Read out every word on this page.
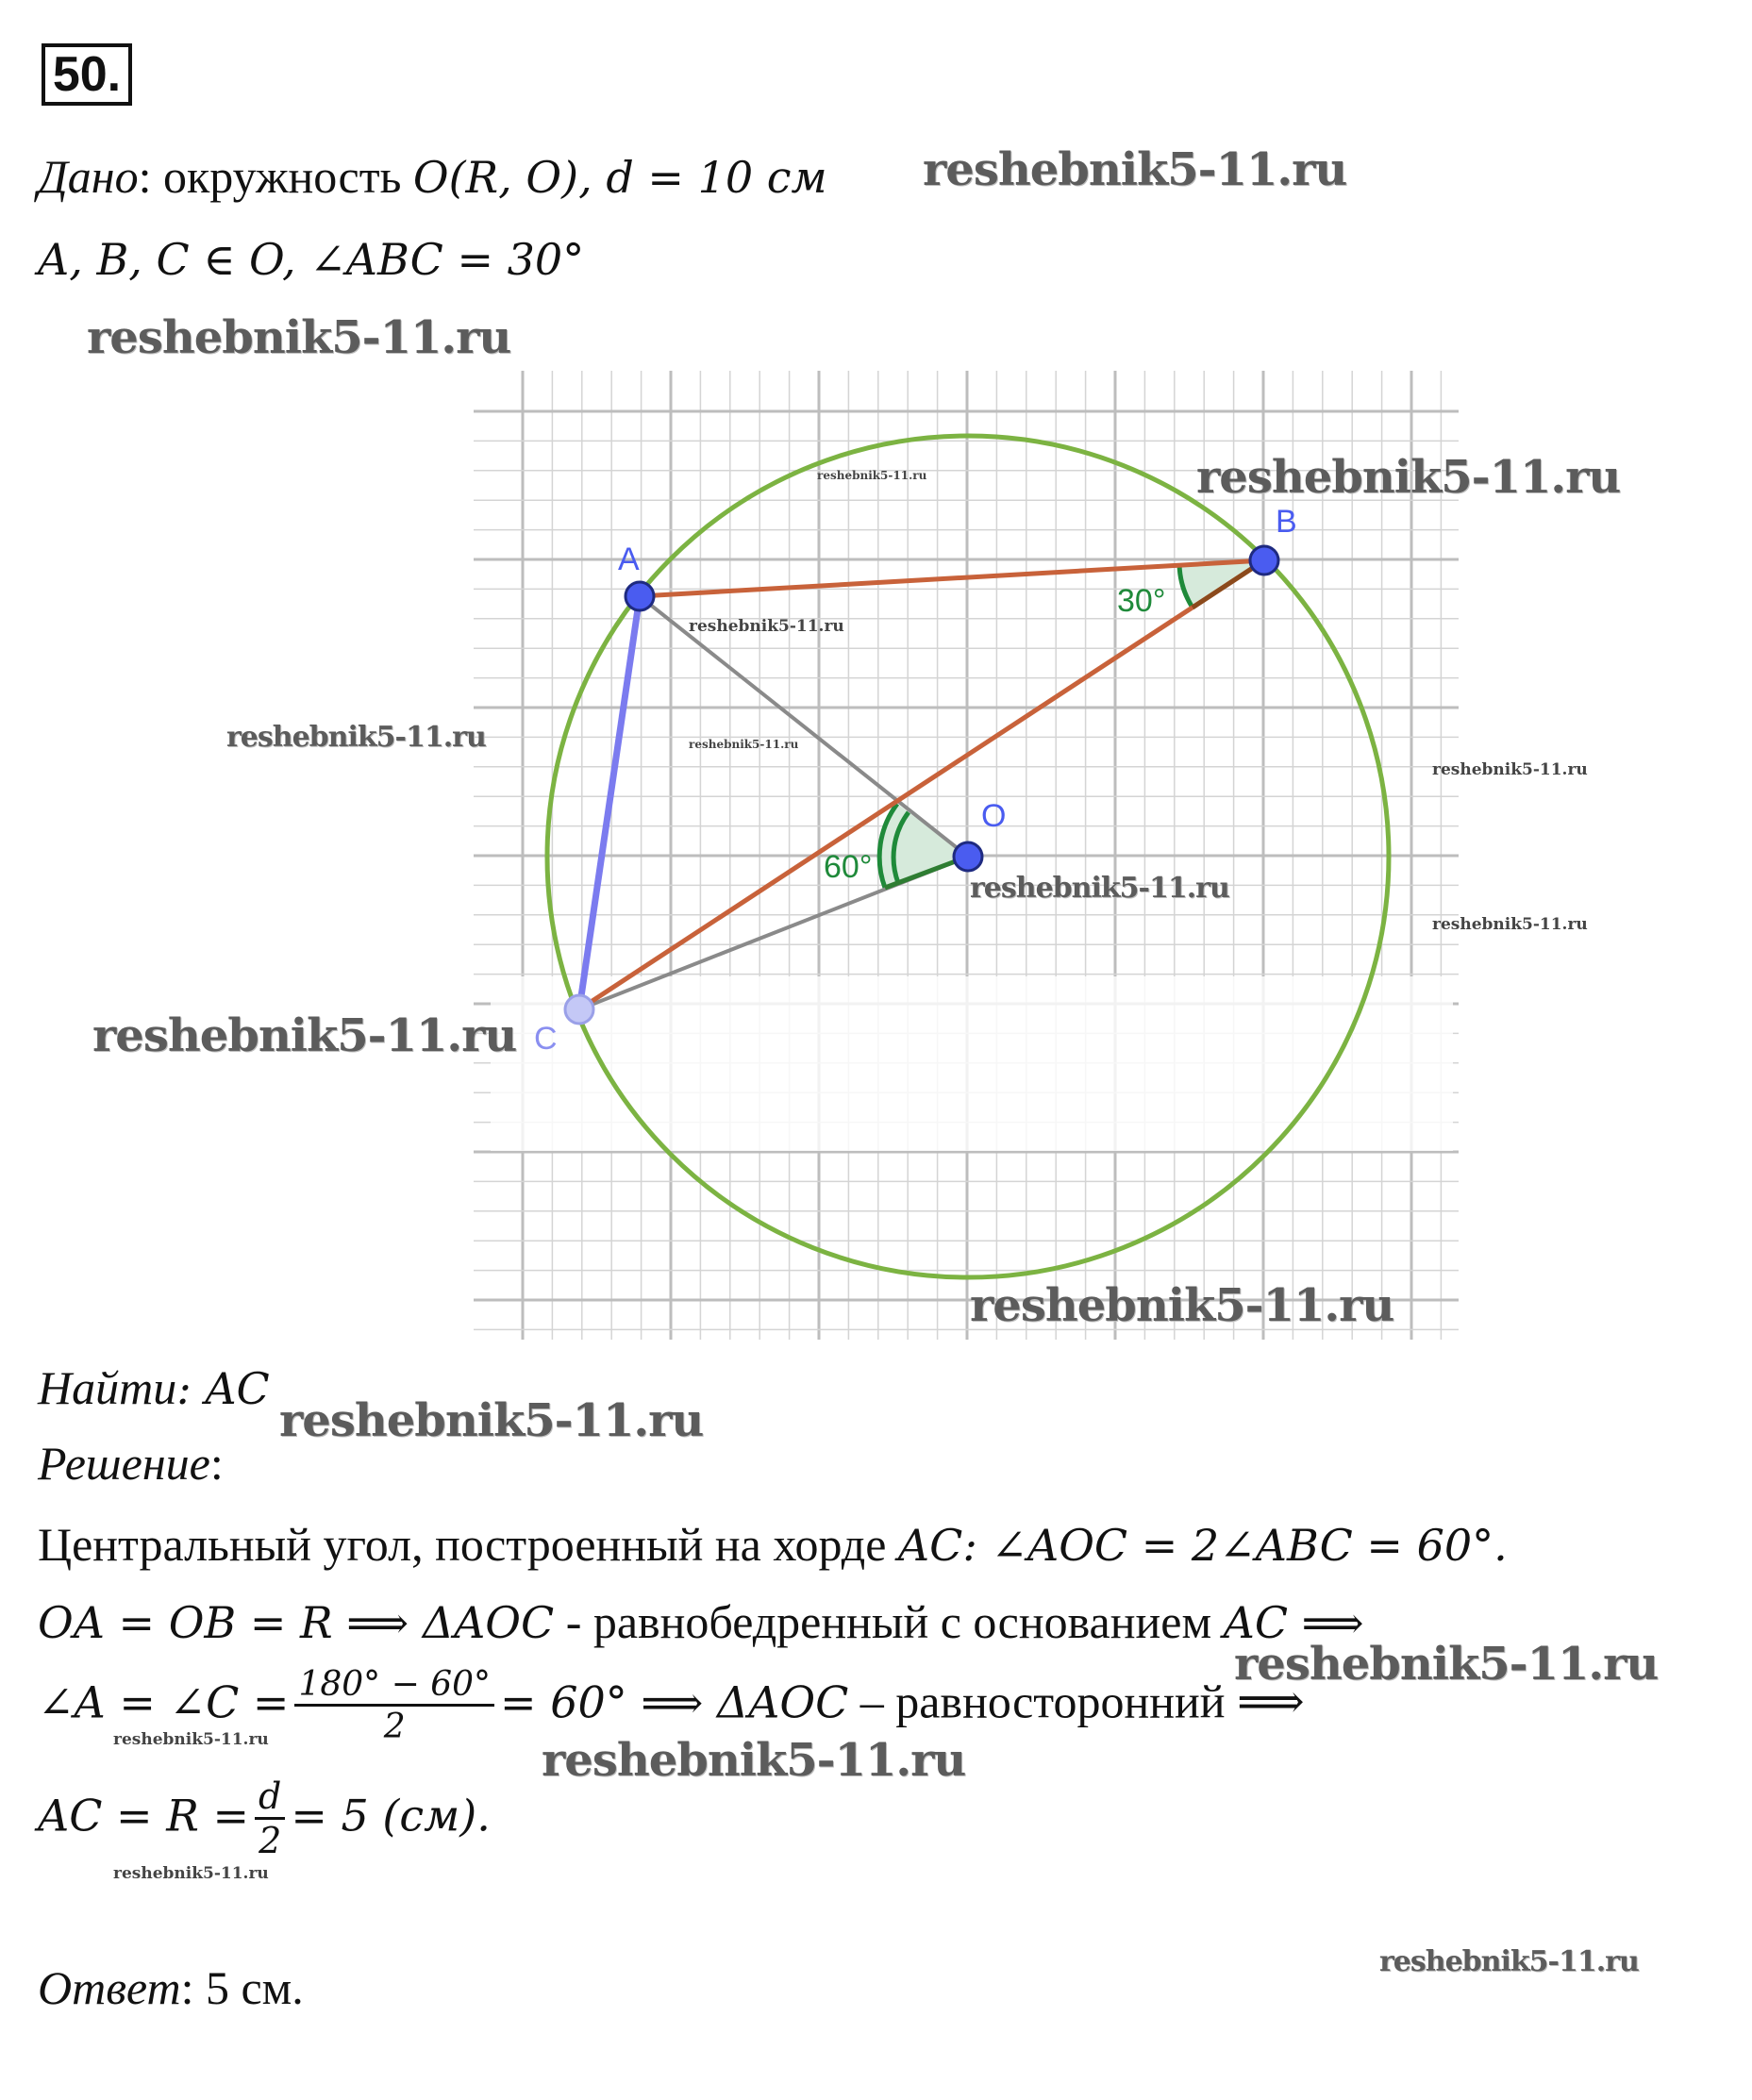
50.
Дано: окружность O(R, O), d = 10 см
A, B, C ∈ O, ∠ABC = 30°
A
B
O
C
30°
60°
Найти: AC
Решение:
Центральный угол, построенный на хорде AC: ∠AOC = 2∠ABC = 60°.
OA = OB = R ⟹ ΔAOC - равнобедренный с основанием AC ⟹
∠A = ∠C = $\frac{180^\circ - 60^\circ}{2} = 60^\circ$ ⟹ ΔAOC – равносторонний ⟹
AC = $R = \frac{d}{2} = 5$ (см).
Ответ: 5 см.
reshebnik5-11.ru
reshebnik5-11.ru
reshebnik5-11.ru
reshebnik5-11.ru
reshebnik5-11.ru
reshebnik5-11.ru
reshebnik5-11.ru
reshebnik5-11.ru
reshebnik5-11.ru
reshebnik5-11.ru
reshebnik5-11.ru
reshebnik5-11.ru
reshebnik5-11.ru
reshebnik5-11.ru
reshebnik5-11.ru	reshebnik5-11.ru
reshebnik5-11.ru
reshebnik5-11.ru
